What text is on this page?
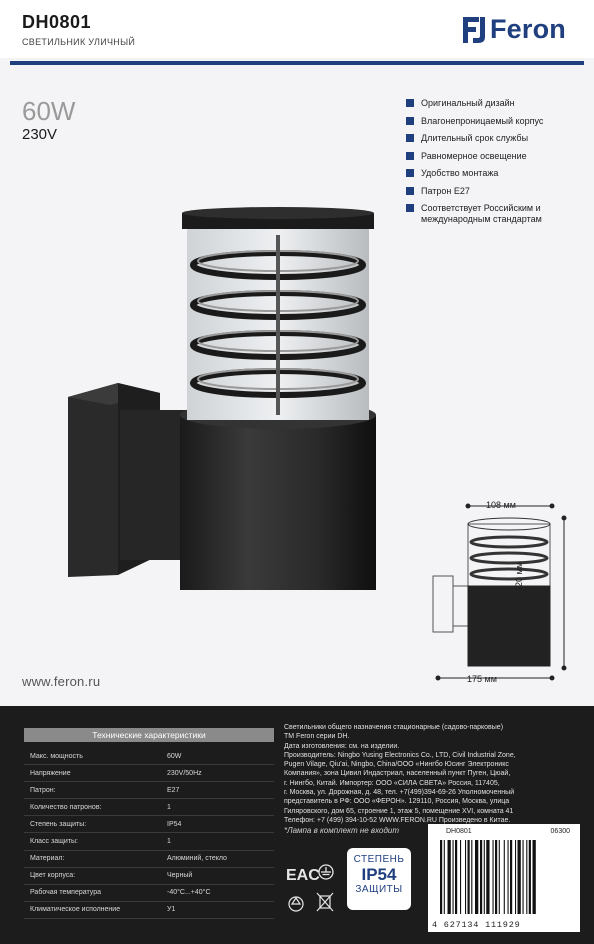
DH0801
СВЕТИЛЬНИК УЛИЧНЫЙ	Feron
60W
230V
Оригинальный дизайн
Влагонепроницаемый корпус
Длительный срок службы
Равномерное освещение
Удобство монтажа
Патрон E27
Соответствует Российским и международным стандартам
108 мм
175 мм
220 мм
www.feron.ru
Технические характеристики
Макс. мощность	60W
Напряжение	230V/50Hz
Патрон:	E27
Количество патронов:	1
Степень защиты:	IP54
Класс защиты:	1
Материал:	Алюминий, стекло
Цвет корпуса:	Черный
Рабочая температура	-40°C...+40°C
Климатическое исполнение	У1
Светильники общего назначения стационарные (садово-парковые)
ТМ Feron серии DH.
Дата изготовления: см. на изделии.
Производитель: Ningbo Yusing Electronics Co., LTD, Civil Industrial Zone,
Pugen Vilage, Qiu'ai, Ningbo, China/ООО «Нингбо Юсинг Электроникс
Компания», зона Цивил Индастриал, населенный пункт Пуген, Цюай,
г. Нингбо, Китай. Импортер: ООО «СИЛА СВЕТА» Россия, 117405,
г. Москва, ул. Дорожная, д. 48, тел. +7(499)394-69-26 Уполномоченный
представитель в РФ: ООО «ФЕРОН». 129110, Россия, Москва, улица
Гиляровского, дом 65, строение 1, этаж 5, помещение XVI, комната 41
Телефон: +7 (499) 394-10-52 WWW.FERON.RU Произведено в Китае.
*Лампа в комплект не входит
EAC
СТЕПЕНЬ
IP54
ЗАЩИТЫ
DH0801	06300
4 627134 111929
